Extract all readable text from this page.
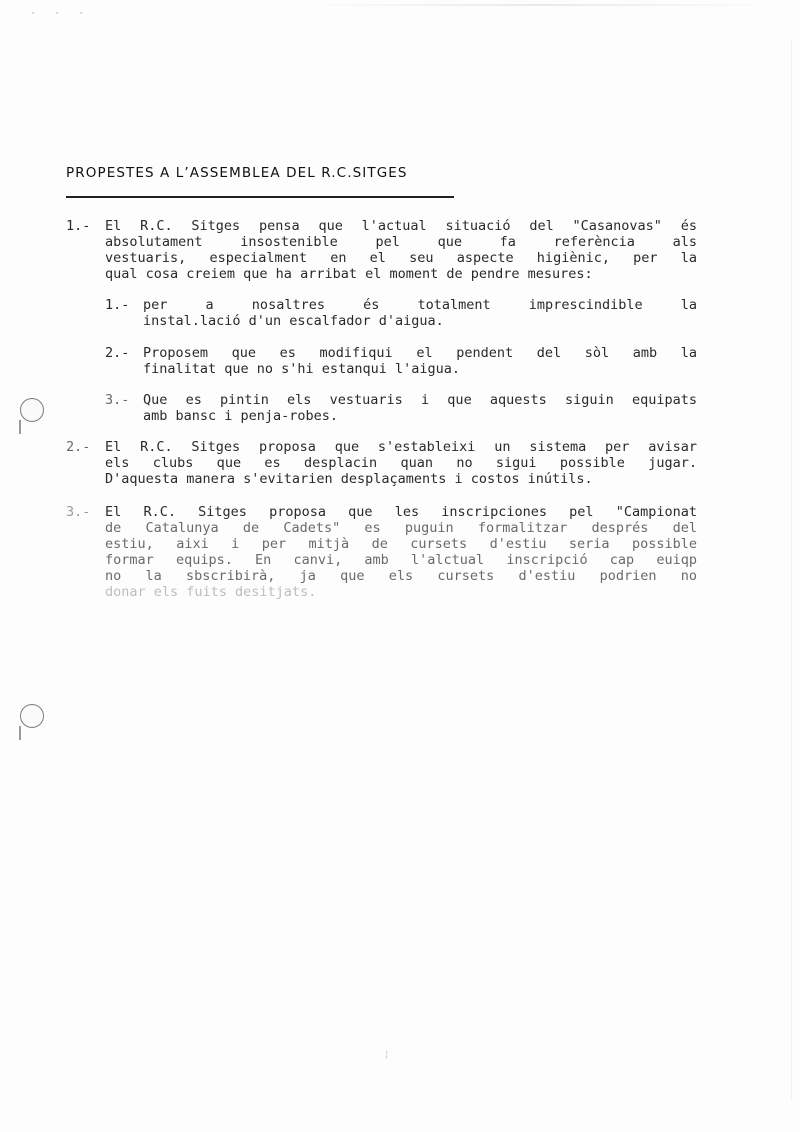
· · ·
PROPESTES A L’ASSEMBLEA DEL R.C.SITGES
1.-	El R.C. Sitges pensa que l'actual situació del "Casanovas" és
absolutament insostenible pel que fa referència als
vestuaris, especialment en el seu aspecte higiènic, per la
qual cosa creiem que ha arribat el moment de pendre mesures:
1.-	per a nosaltres és totalment imprescindible la
instal.lació d'un escalfador d'aigua.
2.-	Proposem que es modifiqui el pendent del sòl amb la
finalitat que no s'hi estanqui l'aigua.
3.-	Que es pintin els vestuaris i que aquests siguin equipats
amb bansc i penja-robes.
2.-	El R.C. Sitges proposa que s'estableixi un sistema per avisar
els clubs que es desplacin quan no sigui possible jugar.
D'aquesta manera s'evitarien desplaçaments i costos inútils.
3.-	El R.C. Sitges proposa que les inscripciones pel "Campionat
de Catalunya de Cadets" es puguin formalitzar després del
estiu, aixi i per mitjà de cursets d'estiu seria possible
formar equips. En canvi, amb l'alctual inscripció cap euiqp
no la sbscribirà, ja que els cursets d'estiu podrien no
donar els fuits desitjats.
¦
